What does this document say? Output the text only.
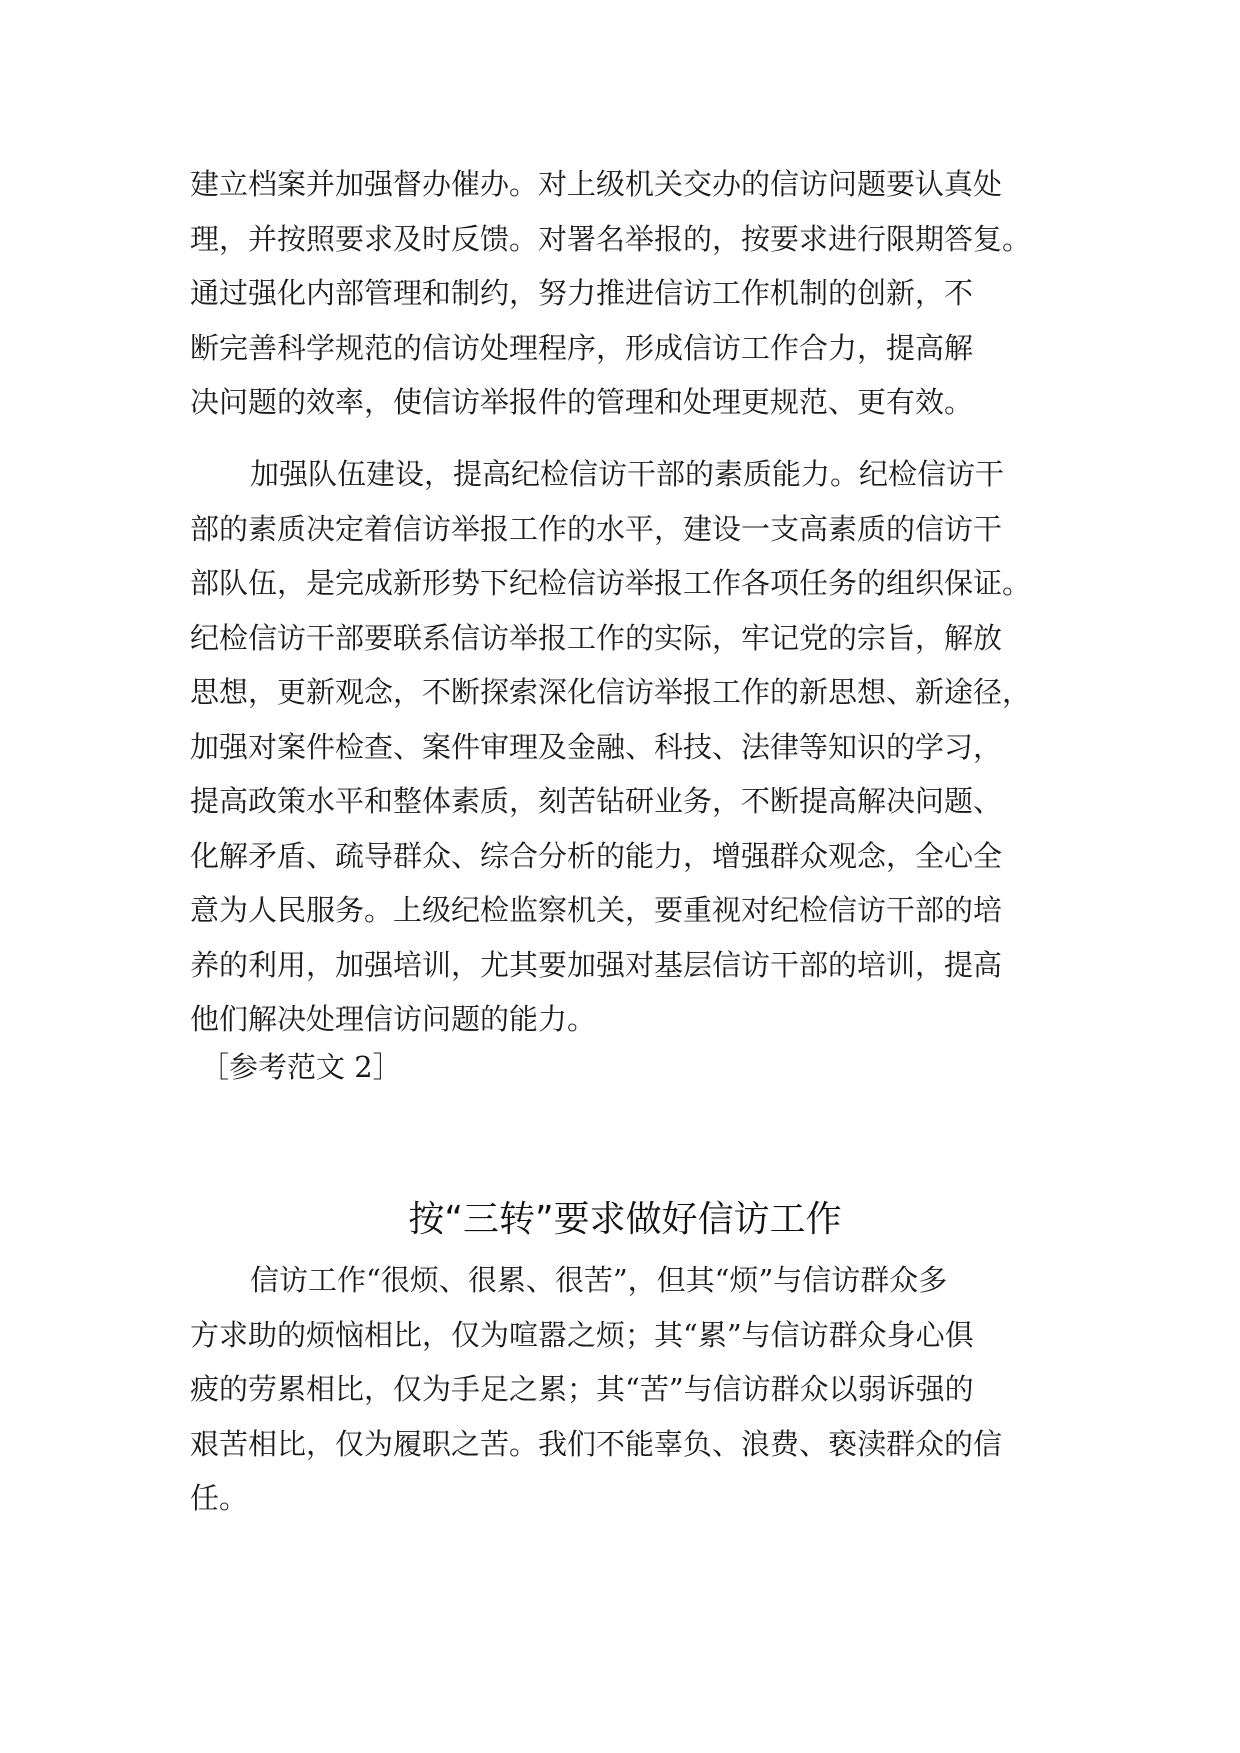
建立档案并加强督办催办。对上级机关交办的信访问题要认真处
理，并按照要求及时反馈。对署名举报的，按要求进行限期答复。
通过强化内部管理和制约，努力推进信访工作机制的创新，不
断完善科学规范的信访处理程序，形成信访工作合力，提高解
决问题的效率，使信访举报件的管理和处理更规范、更有效。
加强队伍建设，提高纪检信访干部的素质能力。纪检信访干
部的素质决定着信访举报工作的水平，建设一支高素质的信访干
部队伍，是完成新形势下纪检信访举报工作各项任务的组织保证。
纪检信访干部要联系信访举报工作的实际，牢记党的宗旨，解放
思想，更新观念，不断探索深化信访举报工作的新思想、新途径，
加强对案件检查、案件审理及金融、科技、法律等知识的学习，
提高政策水平和整体素质，刻苦钻研业务，不断提高解决问题、
化解矛盾、疏导群众、综合分析的能力，增强群众观念，全心全
意为人民服务。上级纪检监察机关，要重视对纪检信访干部的培
养的利用，加强培训，尤其要加强对基层信访干部的培训，提高
他们解决处理信访问题的能力。
［参考范文 2］
按“三转”要求做好信访工作
信访工作“很烦、很累、很苦”，但其“烦”与信访群众多
方求助的烦恼相比，仅为喧嚣之烦；其“累”与信访群众身心俱
疲的劳累相比，仅为手足之累；其“苦”与信访群众以弱诉强的
艰苦相比，仅为履职之苦。我们不能辜负、浪费、亵渎群众的信
任。
